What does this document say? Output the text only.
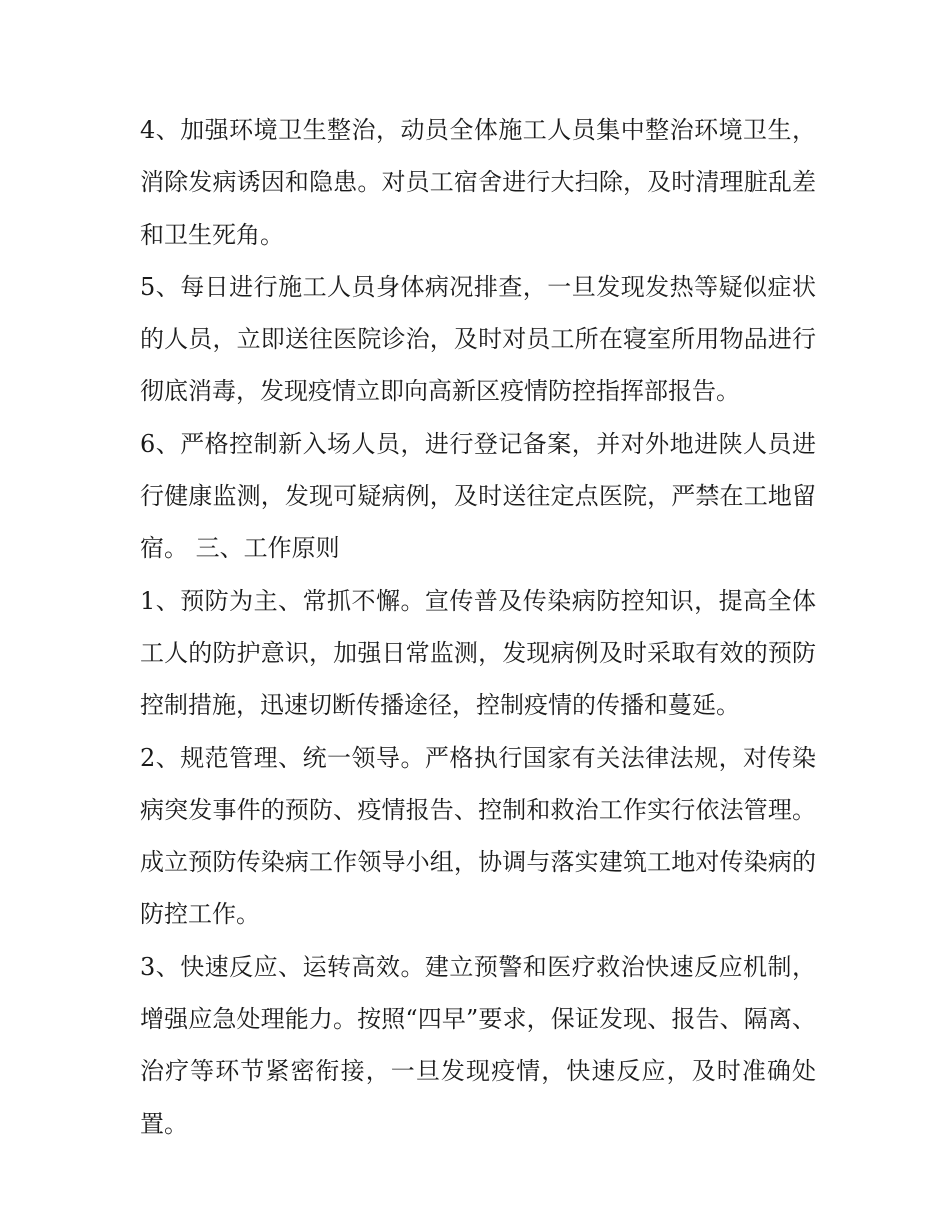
4、加强环境卫生整治，动员全体施工人员集中整治环境卫生，消除发病诱因和隐患。对员工宿舍进行大扫除，及时清理脏乱差和卫生死角。

5、每日进行施工人员身体病况排查，一旦发现发热等疑似症状的人员，立即送往医院诊治，及时对员工所在寝室所用物品进行彻底消毒，发现疫情立即向高新区疫情防控指挥部报告。

6、严格控制新入场人员，进行登记备案，并对外地进陕人员进行健康监测，发现可疑病例，及时送往定点医院，严禁在工地留宿。 三、工作原则

1、预防为主、常抓不懈。宣传普及传染病防控知识，提高全体工人的防护意识，加强日常监测，发现病例及时采取有效的预防控制措施，迅速切断传播途径，控制疫情的传播和蔓延。

2、规范管理、统一领导。严格执行国家有关法律法规，对传染病突发事件的预防、疫情报告、控制和救治工作实行依法管理。成立预防传染病工作领导小组，协调与落实建筑工地对传染病的防控工作。

3、快速反应、运转高效。建立预警和医疗救治快速反应机制，增强应急处理能力。按照“四早”要求，保证发现、报告、隔离、治疗等环节紧密衔接，一旦发现疫情，快速反应，及时准确处置。
